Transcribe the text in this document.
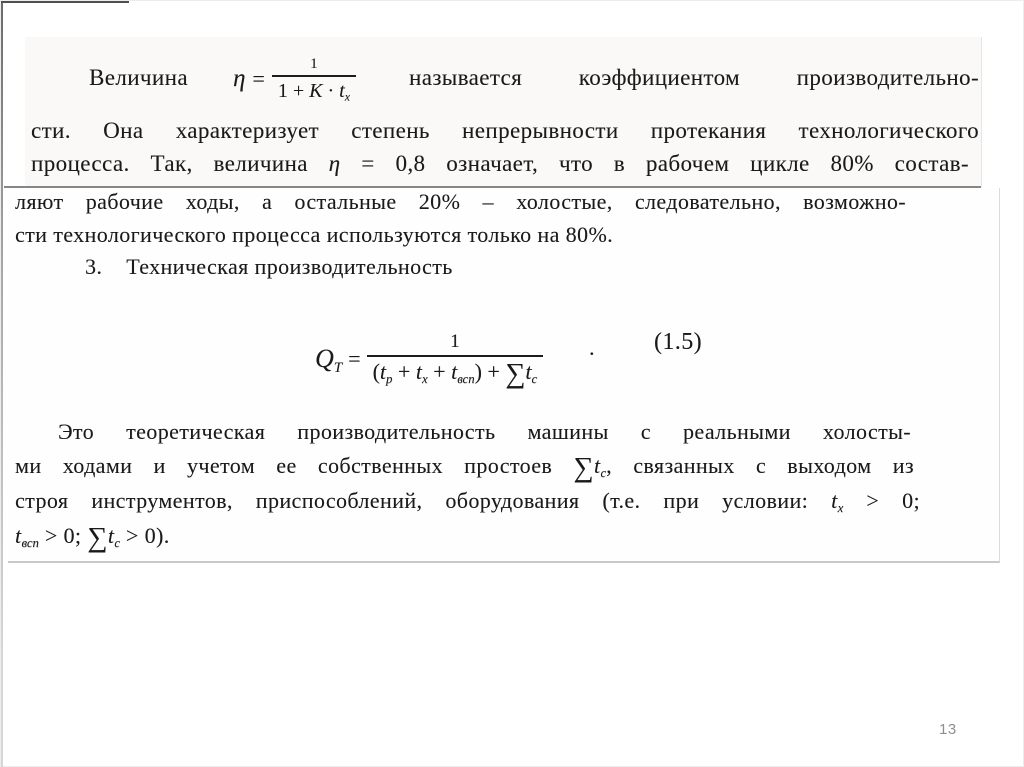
Величина $\eta = \frac{1}{1 + K \cdot t_x}$ называется коэффициентом производительно-
сти. Она характеризует степень непрерывности протекания технологического
процесса. Так, величина η = 0,8 означает, что в рабочем цикле 80% состав-
ляют рабочие ходы, а остальные 20% – холостые, следовательно, возможно-
сти технологического процесса используются только на 80%.
3. Техническая производительность
$Q_T = \frac{1}{(t_p + t_x + t_{всп}) + \sum t_c}$ . (1.5)
Это теоретическая производительность машины с реальными холосты-
ми ходами и учетом ее собственных простоев $\sum t_c$, связанных с выходом из
строя инструментов, приспособлений, оборудования (т.е. при условии: $t_x > 0$;
$t_{всп} > 0$; $\sum t_c > 0$).
13
